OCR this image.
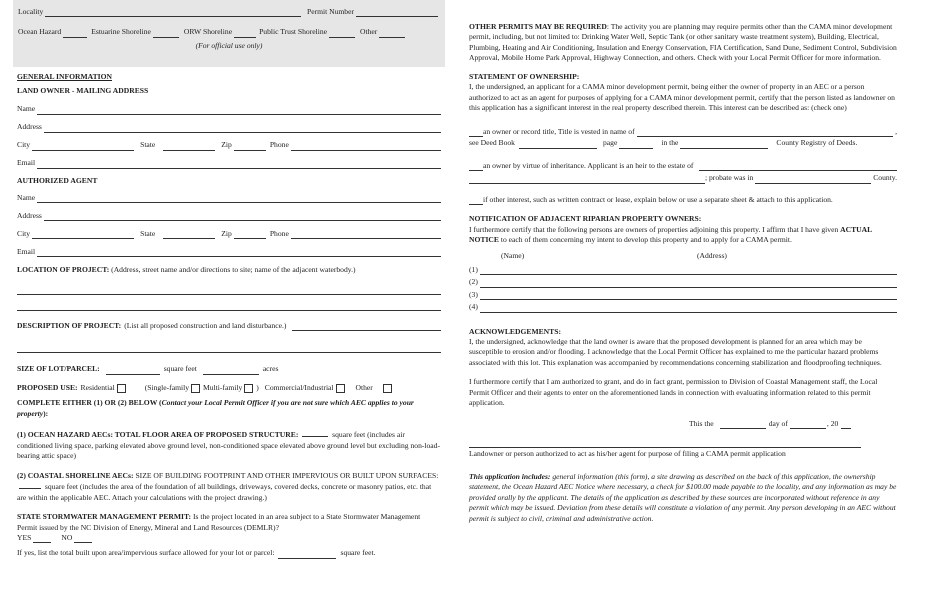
Locality	Permit Number
Ocean Hazard	Estuarine Shoreline	ORW Shoreline	Public Trust Shoreline	Other
(For official use only)
GENERAL INFORMATION
LAND OWNER - MAILING ADDRESS
Name
Address
City	State	Zip	Phone
Email
AUTHORIZED AGENT
Name
Address
City	State	Zip	Phone
Email
LOCATION OF PROJECT: (Address, street name and/or directions to site; name of the adjacent waterbody.)
DESCRIPTION OF PROJECT: (List all proposed construction and land disturbance.)
SIZE OF LOT/PARCEL:	square feet	acres
PROPOSED USE: Residential	(Single-family Multi-family ) Commercial/Industrial	Other

COMPLETE EITHER (1) OR (2) BELOW (Contact your Local Permit Officer if you are not sure which AEC applies to your property):

(1) OCEAN HAZARD AECs: TOTAL FLOOR AREA OF PROPOSED STRUCTURE:	square feet (includes air conditioned living space, parking elevated above ground level, non-conditioned space elevated above ground level but excluding non-load-bearing attic space)

(2) COASTAL SHORELINE AECs: SIZE OF BUILDING FOOTPRINT AND OTHER IMPERVIOUS OR BUILT UPON SURFACES:  square feet (includes the area of the foundation of all buildings, driveways, covered decks, concrete or masonry patios, etc. that are within the applicable AEC. Attach your calculations with the project drawing.)

STATE STORMWATER MANAGEMENT PERMIT: Is the project located in an area subject to a State Stormwater Management Permit issued by the NC Division of Energy, Mineral and Land Resources (DEMLR)?

YES	NO
If yes, list the total built upon area/impervious surface allowed for your lot or parcel:	square feet.

OTHER PERMITS MAY BE REQUIRED: The activity you are planning may require permits other than the CAMA minor development permit, including, but not limited to: Drinking Water Well, Septic Tank (or other sanitary waste treatment system), Building, Electrical, Plumbing, Heating and Air Conditioning, Insulation and Energy Conservation, FIA Certification, Sand Dune, Sediment Control, Subdivision Approval, Mobile Home Park Approval, Highway Connection, and others. Check with your Local Permit Officer for more information.

STATEMENT OF OWNERSHIP:

I, the undersigned, an applicant for a CAMA minor development permit, being either the owner of property in an AEC or a person authorized to act as an agent for purposes of applying for a CAMA minor development permit, certify that the person listed as landowner on this application has a significant interest in the real property described therein. This interest can be described as: (check one)

an owner or record title, Title is vested in name of	,
see Deed Book	page	in the	County Registry of Deeds.
an owner by virtue of inheritance. Applicant is an heir to the estate of
; probate was in	County.
if other interest, such as written contract or lease, explain below or use a separate sheet & attach to this application.
NOTIFICATION OF ADJACENT RIPARIAN PROPERTY OWNERS:

I furthermore certify that the following persons are owners of properties adjoining this property. I affirm that I have given ACTUAL NOTICE to each of them concerning my intent to develop this property and to apply for a CAMA permit.

(Name)	(Address)
(1)
(2)
(3)
(4)
ACKNOWLEDGEMENTS:

I, the undersigned, acknowledge that the land owner is aware that the proposed development is planned for an area which may be susceptible to erosion and/or flooding. I acknowledge that the Local Permit Officer has explained to me the particular hazard problems associated with this lot. This explanation was accompanied by recommendations concerning stabilization and floodproofing techniques.

I furthermore certify that I am authorized to grant, and do in fact grant, permission to Division of Coastal Management staff, the Local Permit Officer and their agents to enter on the aforementioned lands in connection with evaluating information related to this permit application.

This the	day of	, 20

Landowner or person authorized to act as his/her agent for purpose of filing a CAMA permit application

This application includes: general information (this form), a site drawing as described on the back of this application, the ownership statement, the Ocean Hazard AEC Notice where necessary, a check for $100.00 made payable to the locality, and any information as may be provided orally by the applicant. The details of the application as described by these sources are incorporated without reference in any permit which may be issued. Deviation from these details will constitute a violation of any permit. Any person developing in an AEC without permit is subject to civil, criminal and administrative action.
